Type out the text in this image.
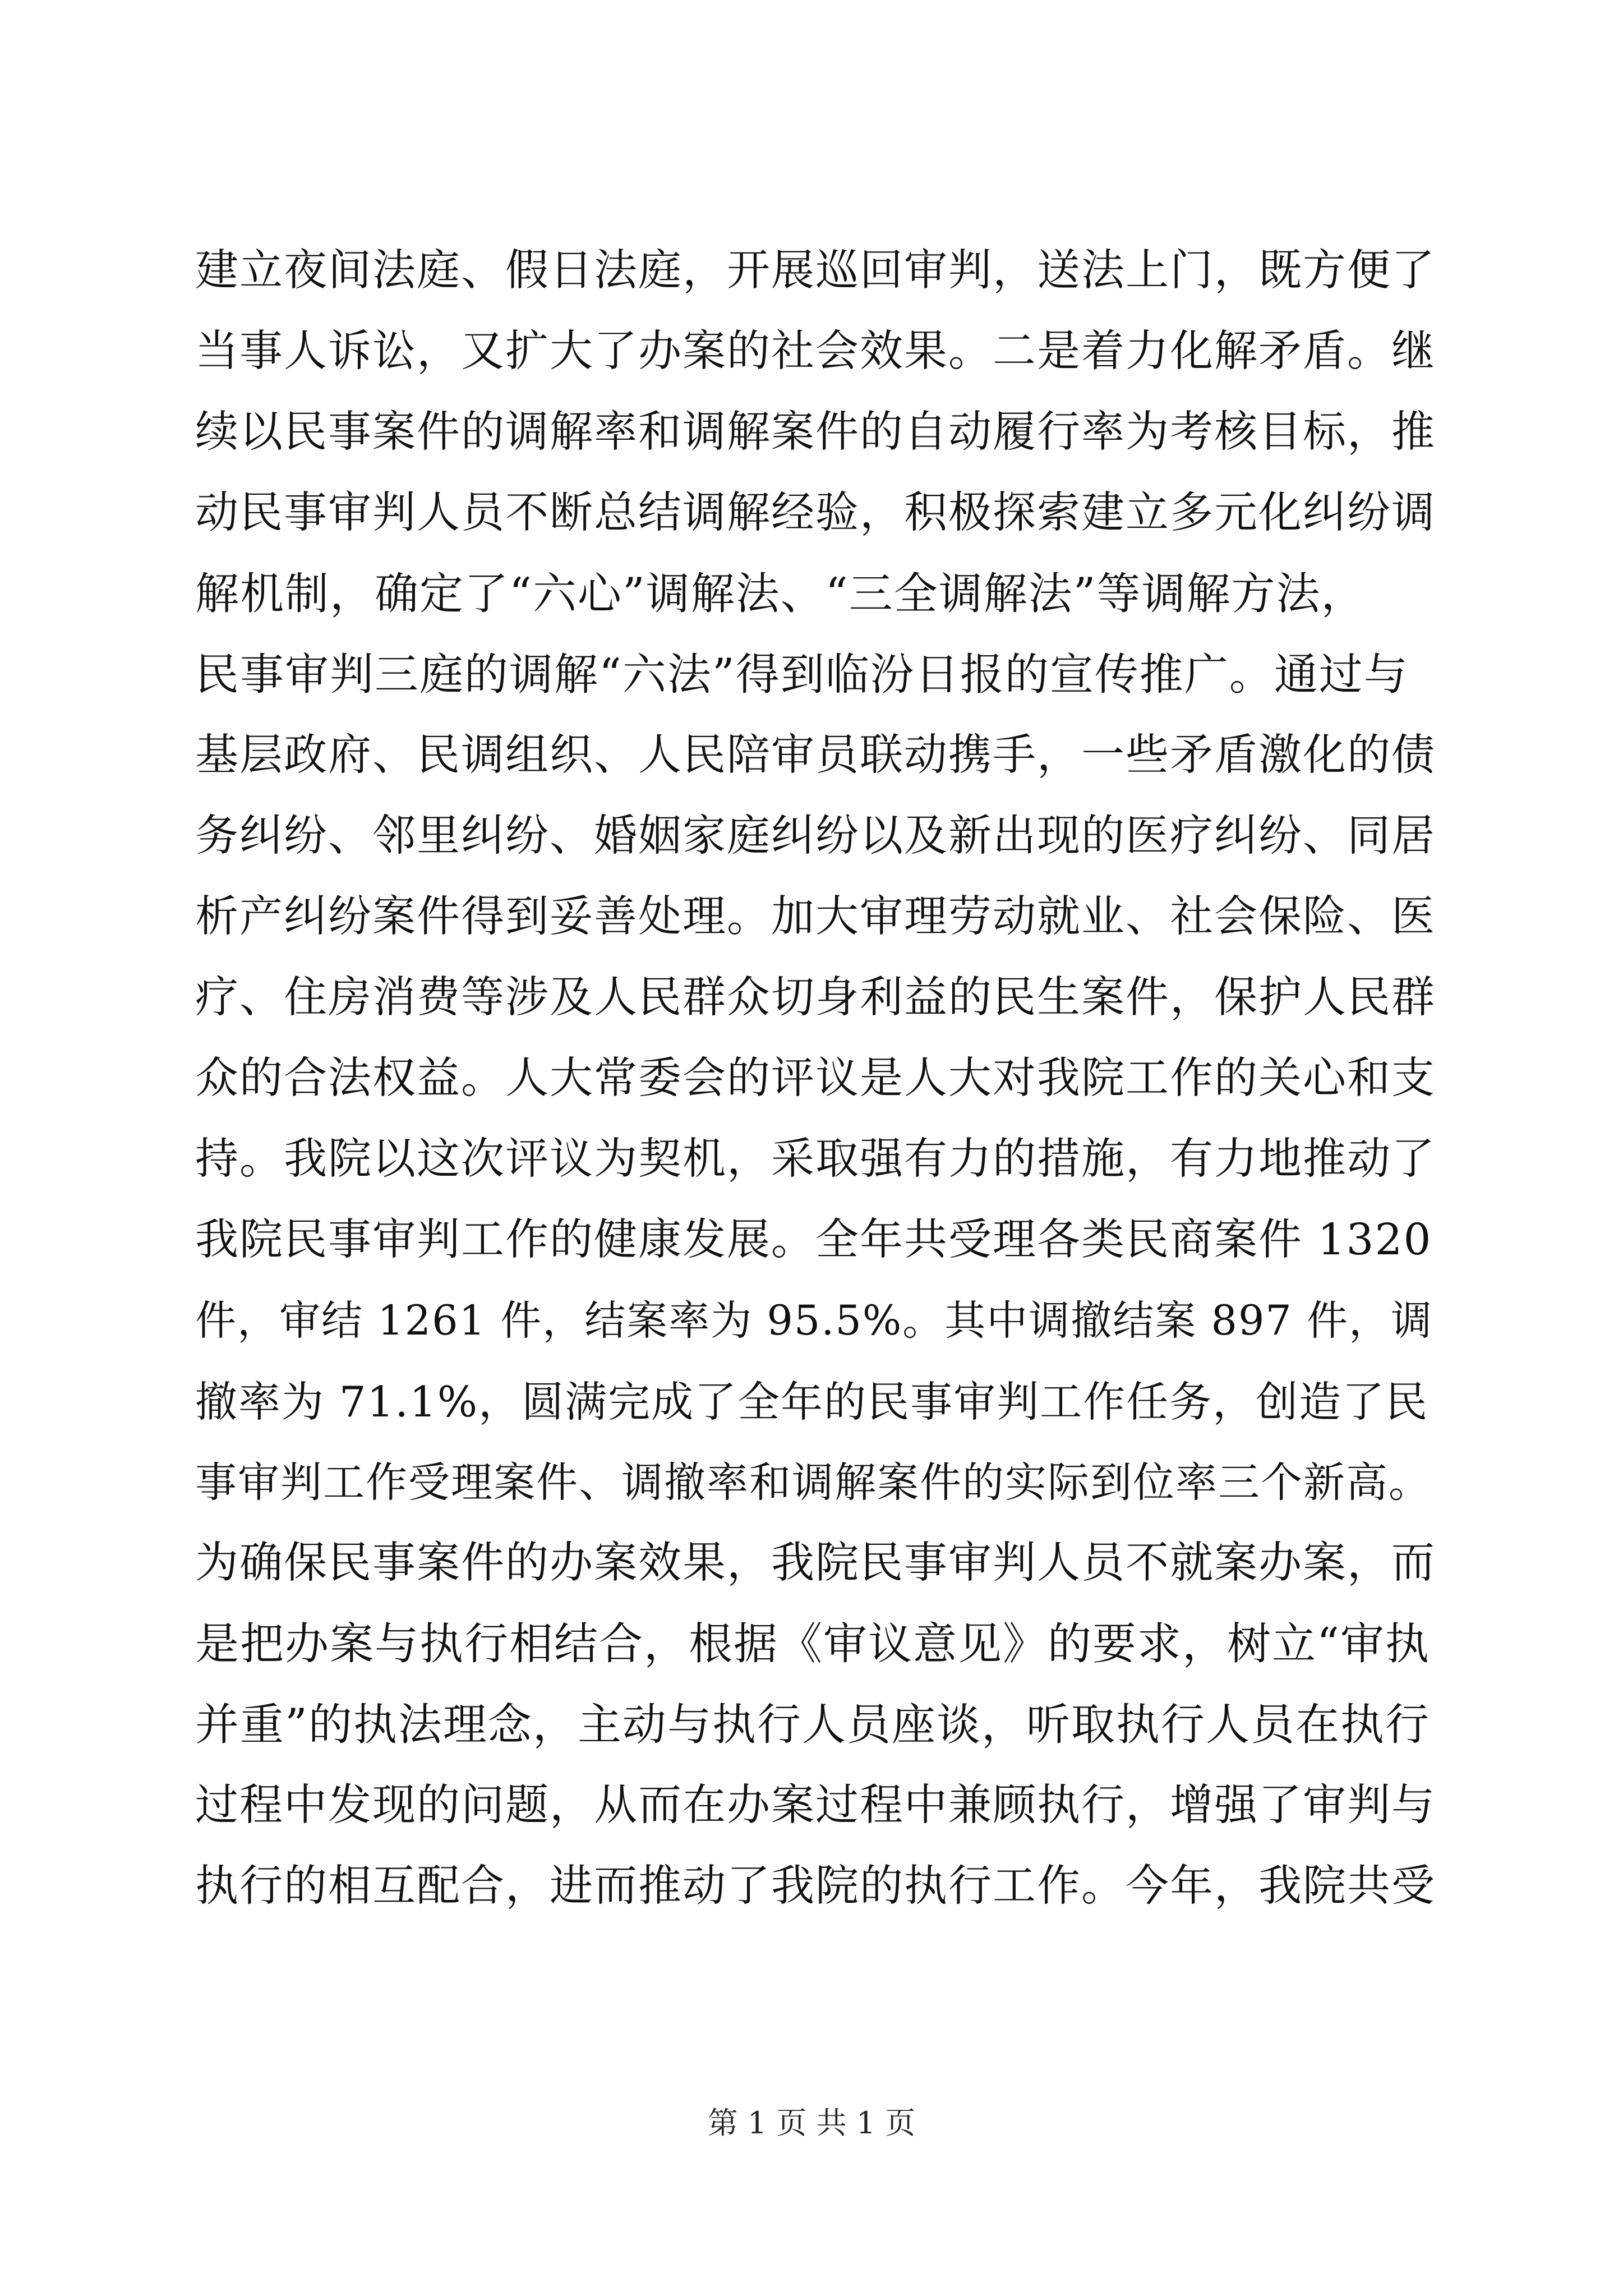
建立夜间法庭、假日法庭，开展巡回审判，送法上门，既方便了
当事人诉讼，又扩大了办案的社会效果。二是着力化解矛盾。继
续以民事案件的调解率和调解案件的自动履行率为考核目标，推
动民事审判人员不断总结调解经验，积极探索建立多元化纠纷调
解机制，确定了“六心”调解法、“三全调解法”等调解方法，
民事审判三庭的调解“六法”得到临汾日报的宣传推广。通过与
基层政府、民调组织、人民陪审员联动携手，一些矛盾激化的债
务纠纷、邻里纠纷、婚姻家庭纠纷以及新出现的医疗纠纷、同居
析产纠纷案件得到妥善处理。加大审理劳动就业、社会保险、医
疗、住房消费等涉及人民群众切身利益的民生案件，保护人民群
众的合法权益。人大常委会的评议是人大对我院工作的关心和支
持。我院以这次评议为契机，采取强有力的措施，有力地推动了
我院民事审判工作的健康发展。全年共受理各类民商案件 1320
件，审结 1261 件，结案率为 95.5%。其中调撤结案 897 件，调
撤率为 71.1%，圆满完成了全年的民事审判工作任务，创造了民
事审判工作受理案件、调撤率和调解案件的实际到位率三个新高。
为确保民事案件的办案效果，我院民事审判人员不就案办案，而
是把办案与执行相结合，根据《审议意见》的要求，树立“审执
并重”的执法理念，主动与执行人员座谈，听取执行人员在执行
过程中发现的问题，从而在办案过程中兼顾执行，增强了审判与
执行的相互配合，进而推动了我院的执行工作。今年，我院共受
第 1 页 共 1 页
